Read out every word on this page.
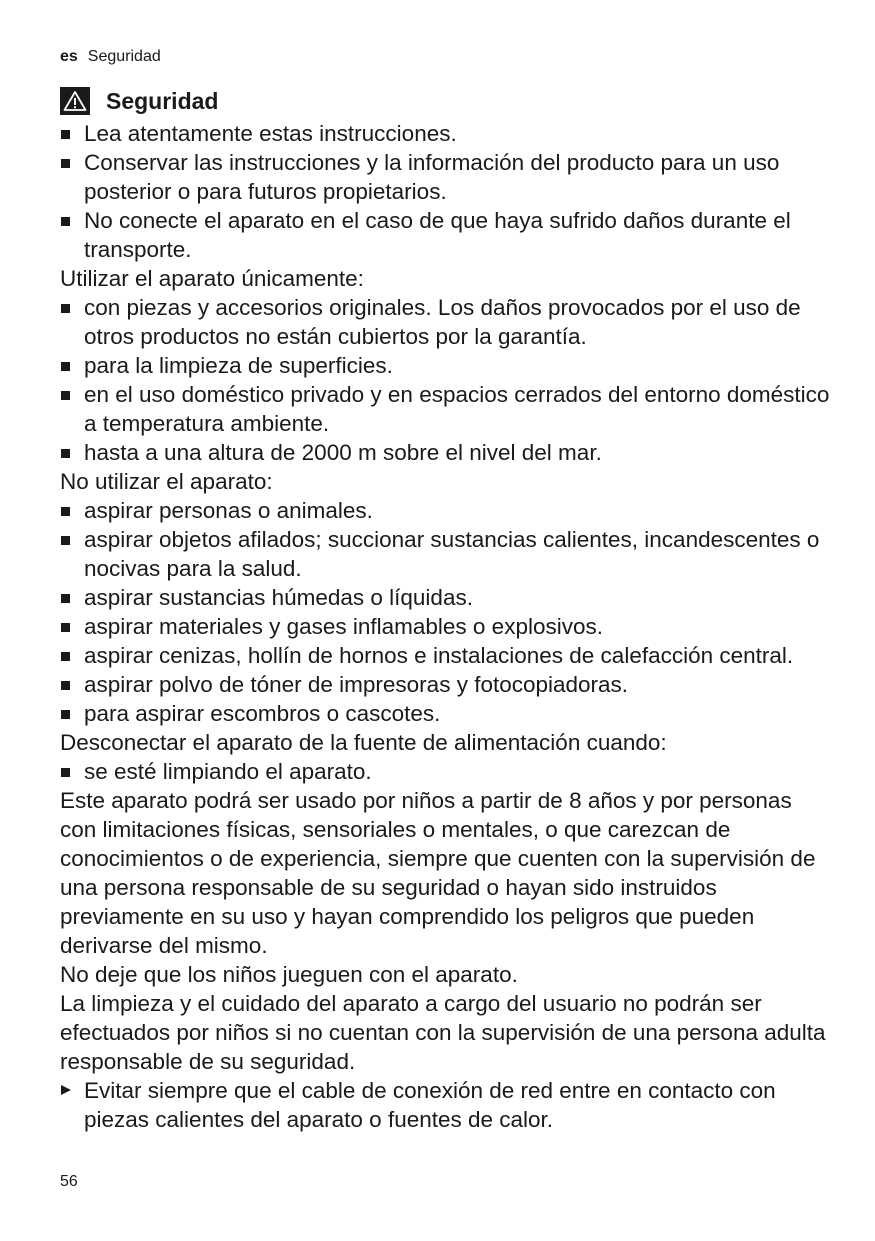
es Seguridad
Seguridad
Lea atentamente estas instrucciones.
Conservar las instrucciones y la información del producto para un uso posterior o para futuros propietarios.
No conecte el aparato en el caso de que haya sufrido daños durante el transporte.

Utilizar el aparato únicamente:

con piezas y accesorios originales. Los daños provocados por el uso de otros productos no están cubiertos por la garantía.
para la limpieza de superficies.
en el uso doméstico privado y en espacios cerrados del entorno doméstico a temperatura ambiente.
hasta a una altura de 2000 m sobre el nivel del mar.

No utilizar el aparato:

aspirar personas o animales.
aspirar objetos afilados; succionar sustancias calientes, incandescentes o nocivas para la salud.
aspirar sustancias húmedas o líquidas.
aspirar materiales y gases inflamables o explosivos.
aspirar cenizas, hollín de hornos e instalaciones de calefacción central.
aspirar polvo de tóner de impresoras y fotocopiadoras.
para aspirar escombros o cascotes.

Desconectar el aparato de la fuente de alimentación cuando:

se esté limpiando el aparato.

Este aparato podrá ser usado por niños a partir de 8 años y por personas con limitaciones físicas, sensoriales o mentales, o que carezcan de conocimientos o de experiencia, siempre que cuenten con la supervisión de una persona responsable de su seguridad o hayan sido instruidos previamente en su uso y hayan comprendido los peligros que pueden derivarse del mismo.

No deje que los niños jueguen con el aparato.

La limpieza y el cuidado del aparato a cargo del usuario no podrán ser efectuados por niños si no cuentan con la supervisión de una persona adulta responsable de su seguridad.

Evitar siempre que el cable de conexión de red entre en contacto con piezas calientes del aparato o fuentes de calor.
56
